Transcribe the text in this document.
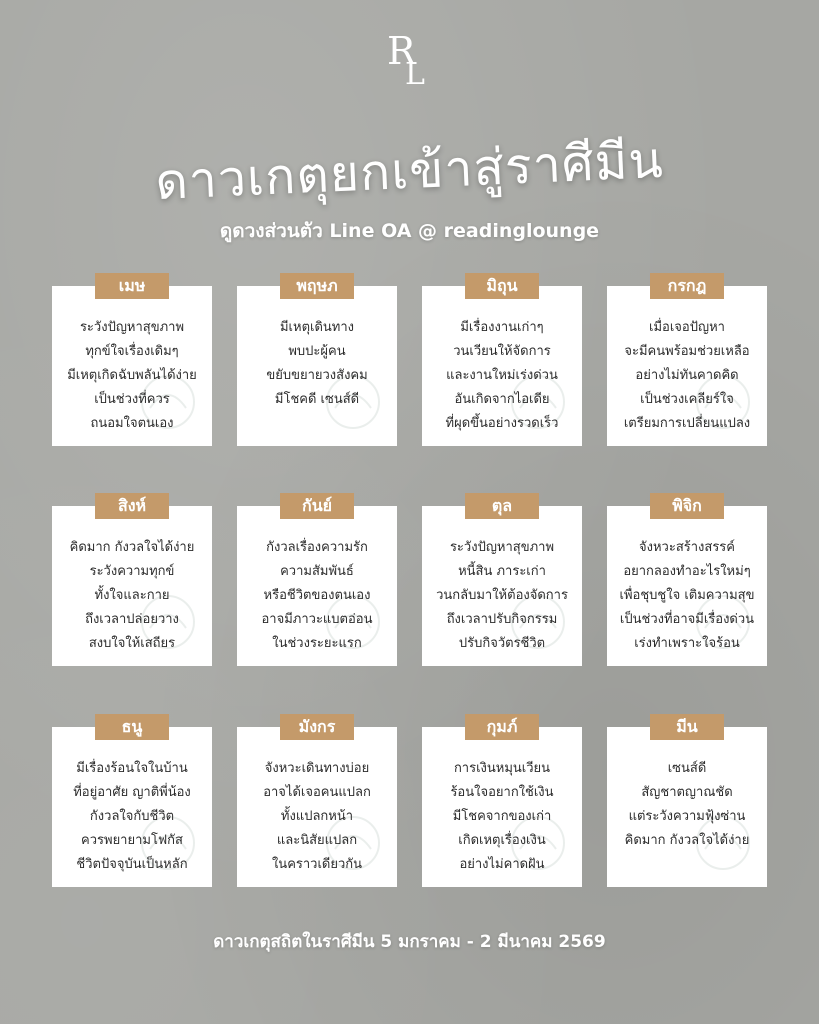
R
L
ดาวเกตุยกเข้าสู่ราศีมีน
ดูดวงส่วนตัว Line OA @ readinglounge
เมษ
ระวังปัญหาสุขภาพ
ทุกข์ใจเรื่องเดิมๆ
มีเหตุเกิดฉับพลันได้ง่าย
เป็นช่วงที่ควร
ถนอมใจตนเอง
พฤษภ
มีเหตุเดินทาง
พบปะผู้คน
ขยับขยายวงสังคม
มีโชคดี เซนส์ดี
มิถุน
มีเรื่องงานเก่าๆ
วนเวียนให้จัดการ
และงานใหม่เร่งด่วน
อันเกิดจากไอเดีย
ที่ผุดขึ้นอย่างรวดเร็ว
กรกฎ
เมื่อเจอปัญหา
จะมีคนพร้อมช่วยเหลือ
อย่างไม่ทันคาดคิด
เป็นช่วงเคลียร์ใจ
เตรียมการเปลี่ยนแปลง
สิงห์
คิดมาก กังวลใจได้ง่าย
ระวังความทุกข์
ทั้งใจและกาย
ถึงเวลาปล่อยวาง
สงบใจให้เสถียร
กันย์
กังวลเรื่องความรัก
ความสัมพันธ์
หรือชีวิตของตนเอง
อาจมีภาวะแบตอ่อน
ในช่วงระยะแรก
ตุล
ระวังปัญหาสุขภาพ
หนี้สิน ภาระเก่า
วนกลับมาให้ต้องจัดการ
ถึงเวลาปรับกิจกรรม
ปรับกิจวัตรชีวิต
พิจิก
จังหวะสร้างสรรค์
อยากลองทำอะไรใหม่ๆ
เพื่อชุบชูใจ เติมความสุข
เป็นช่วงที่อาจมีเรื่องด่วน
เร่งทำเพราะใจร้อน
ธนู
มีเรื่องร้อนใจในบ้าน
ที่อยู่อาศัย ญาติพี่น้อง
กังวลใจกับชีวิต
ควรพยายามโฟกัส
ชีวิตปัจจุบันเป็นหลัก
มังกร
จังหวะเดินทางบ่อย
อาจได้เจอคนแปลก
ทั้งแปลกหน้า
และนิสัยแปลก
ในคราวเดียวกัน
กุมภ์
การเงินหมุนเวียน
ร้อนใจอยากใช้เงิน
มีโชคจากของเก่า
เกิดเหตุเรื่องเงิน
อย่างไม่คาดฝัน
มีน
เซนส์ดี
สัญชาตญาณชัด
แต่ระวังความฟุ้งซ่าน
คิดมาก กังวลใจได้ง่าย
ดาวเกตุสถิตในราศีมีน 5 มกราคม - 2 มีนาคม 2569
